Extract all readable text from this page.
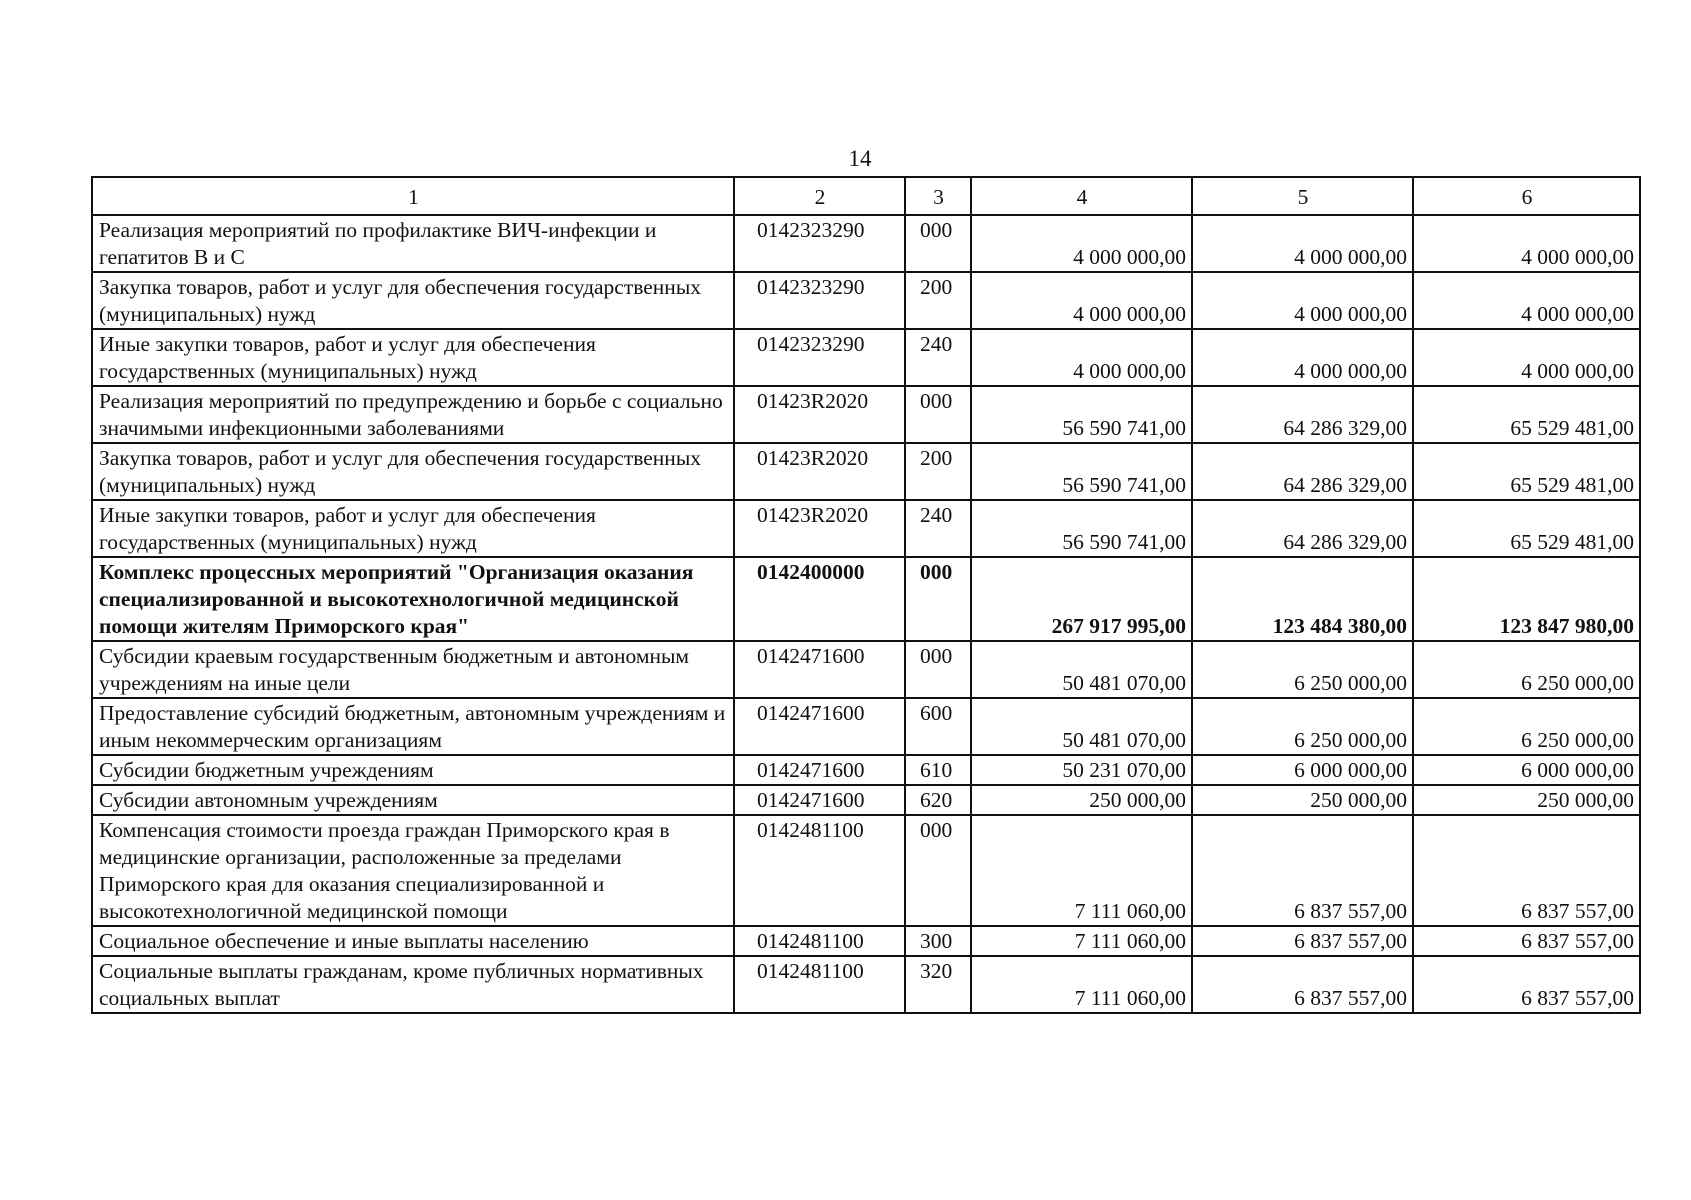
14
1	2	3	4	5	6
Реализация мероприятий по профилактике ВИЧ-инфекции и гепатитов В и С	0142323290	000	4 000 000,00	4 000 000,00	4 000 000,00
Закупка товаров, работ и услуг для обеспечения государственных (муниципальных) нужд	0142323290	200	4 000 000,00	4 000 000,00	4 000 000,00
Иные закупки товаров, работ и услуг для обеспечения государственных (муниципальных) нужд	0142323290	240	4 000 000,00	4 000 000,00	4 000 000,00
Реализация мероприятий по предупреждению и борьбе с социально значимыми инфекционными заболеваниями	01423R2020	000	56 590 741,00	64 286 329,00	65 529 481,00
Закупка товаров, работ и услуг для обеспечения государственных (муниципальных) нужд	01423R2020	200	56 590 741,00	64 286 329,00	65 529 481,00
Иные закупки товаров, работ и услуг для обеспечения государственных (муниципальных) нужд	01423R2020	240	56 590 741,00	64 286 329,00	65 529 481,00
Комплекс процессных мероприятий "Организация оказания специализированной и высокотехнологичной медицинской помощи жителям Приморского края"	0142400000	000	267 917 995,00	123 484 380,00	123 847 980,00
Субсидии краевым государственным бюджетным и автономным учреждениям на иные цели	0142471600	000	50 481 070,00	6 250 000,00	6 250 000,00
Предоставление субсидий бюджетным, автономным учреждениям и иным некоммерческим организациям	0142471600	600	50 481 070,00	6 250 000,00	6 250 000,00
Субсидии бюджетным учреждениям	0142471600	610	50 231 070,00	6 000 000,00	6 000 000,00
Субсидии автономным учреждениям	0142471600	620	250 000,00	250 000,00	250 000,00
Компенсация стоимости проезда граждан Приморского края в медицинские организации, расположенные за пределами Приморского края для оказания специализированной и высокотехнологичной медицинской помощи	0142481100	000	7 111 060,00	6 837 557,00	6 837 557,00
Социальное обеспечение и иные выплаты населению	0142481100	300	7 111 060,00	6 837 557,00	6 837 557,00
Социальные выплаты гражданам, кроме публичных нормативных социальных выплат	0142481100	320	7 111 060,00	6 837 557,00	6 837 557,00
